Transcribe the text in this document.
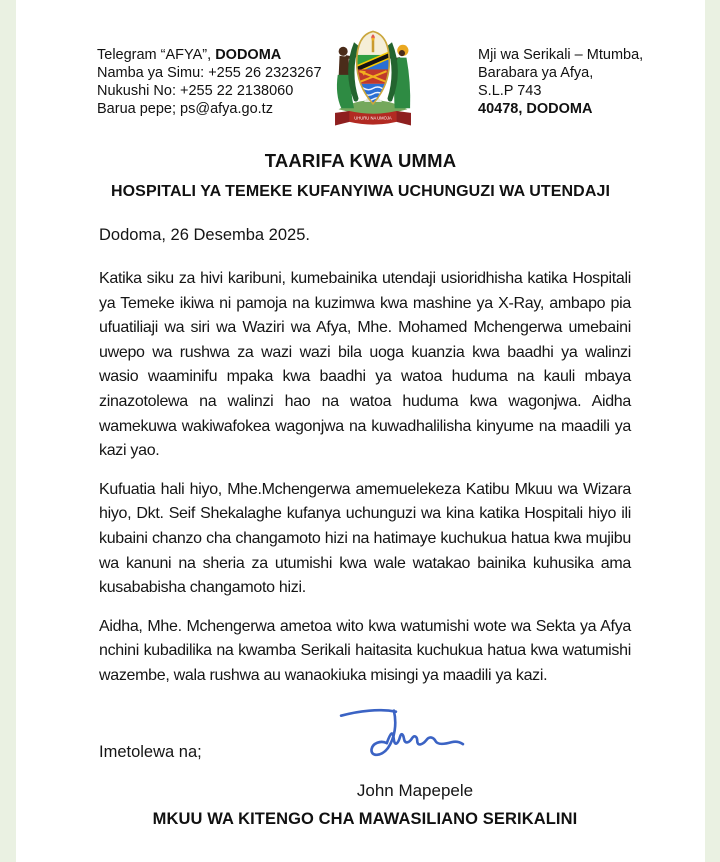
Telegram “AFYA”, DODOMA
Namba ya Simu: +255 26 2323267
Nukushi No: +255 22 2138060
Barua pepe; ps@afya.go.tz
UHURU NA UMOJA
Mji wa Serikali – Mtumba,
Barabara ya Afya,
S.L.P 743
40478, DODOMA
TAARIFA KWA UMMA
HOSPITALI YA TEMEKE KUFANYIWA UCHUNGUZI WA UTENDAJI

Dodoma, 26 Desemba 2025.

Katika siku za hivi karibuni, kumebainika utendaji usioridhisha katika Hospitali ya Temeke ikiwa ni pamoja na kuzimwa kwa mashine ya X-Ray, ambapo pia ufuatiliaji wa siri wa Waziri wa Afya, Mhe. Mohamed Mchengerwa umebaini uwepo wa rushwa za wazi wazi bila uoga kuanzia kwa baadhi ya walinzi wasio waaminifu mpaka kwa baadhi ya watoa huduma na kauli mbaya zinazotolewa na walinzi hao na watoa huduma kwa wagonjwa. Aidha wamekuwa wakiwafokea wagonjwa na kuwadhalilisha kinyume na maadili ya kazi yao.

Kufuatia hali hiyo, Mhe.Mchengerwa amemuelekeza Katibu Mkuu wa Wizara hiyo, Dkt. Seif Shekalaghe kufanya uchunguzi wa kina katika Hospitali hiyo ili kubaini chanzo cha changamoto hizi na hatimaye kuchukua hatua kwa mujibu wa kanuni na sheria za utumishi kwa wale watakao bainika kuhusika ama kusababisha changamoto hizi.

Aidha, Mhe. Mchengerwa ametoa wito kwa watumishi wote wa Sekta ya Afya nchini kubadilika na kwamba Serikali haitasita kuchukua hatua kwa watumishi wazembe, wala rushwa au wanaokiuka misingi ya maadili ya kazi.

Imetolewa na;
John Mapepele
MKUU WA KITENGO CHA MAWASILIANO SERIKALINI
